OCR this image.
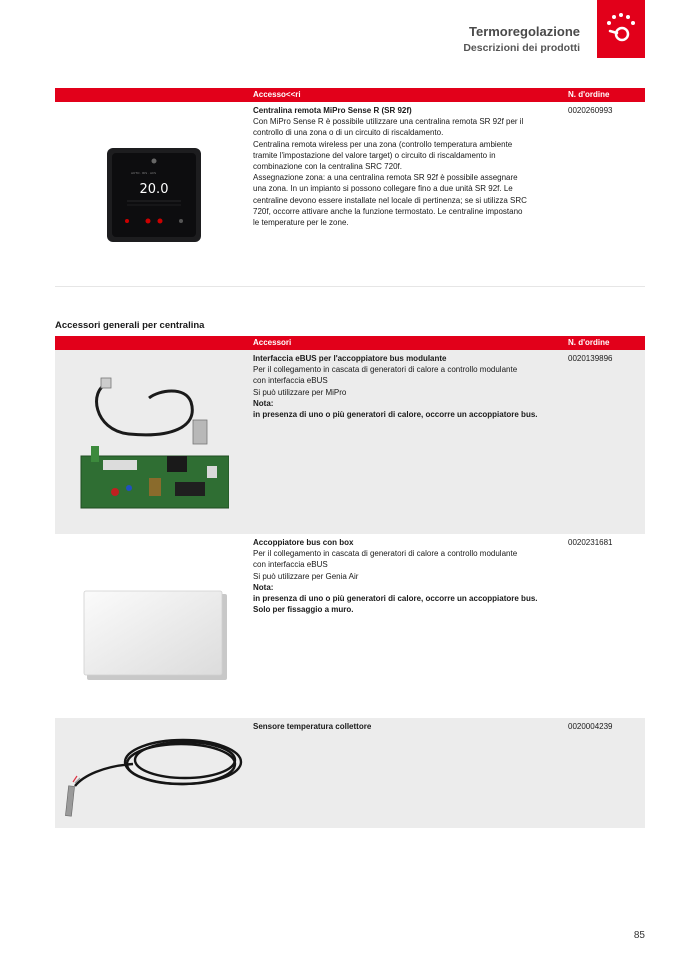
Termoregolazione
Descrizioni dei prodotti
Accesso<<ri	N. d'ordine
AUTO · RIS · ACS
20.0
Centralina remota MiPro Sense R (SR 92f)
Con MiPro Sense R è possibile utilizzare una centralina remota SR 92f per il
controllo di una zona o di un circuito di riscaldamento.
Centralina remota wireless per una zona (controllo temperatura ambiente
tramite l'impostazione del valore target) o circuito di riscaldamento in
combinazione con la centralina SRC 720f.
Assegnazione zona: a una centralina remota SR 92f è possibile assegnare
una zona. In un impianto si possono collegare fino a due unità SR 92f. Le
centraline devono essere installate nel locale di pertinenza; se si utilizza SRC
720f, occorre attivare anche la funzione termostato. Le centraline impostano
le temperature per le zone.
0020260993
Accessori generali per centralina
Accessori	N. d'ordine
Interfaccia eBUS per l'accoppiatore bus modulante
Per il collegamento in cascata di generatori di calore a controllo modulante
con interfaccia eBUS
Si può utilizzare per MiPro
Nota:
in presenza di uno o più generatori di calore, occorre un accoppiatore bus.
0020139896
Accoppiatore bus con box
Per il collegamento in cascata di generatori di calore a controllo modulante
con interfaccia eBUS
Si può utilizzare per Genia Air
Nota:
in presenza di uno o più generatori di calore, occorre un accoppiatore bus.
Solo per fissaggio a muro.
0020231681
Sensore temperatura collettore	0020004239
85
